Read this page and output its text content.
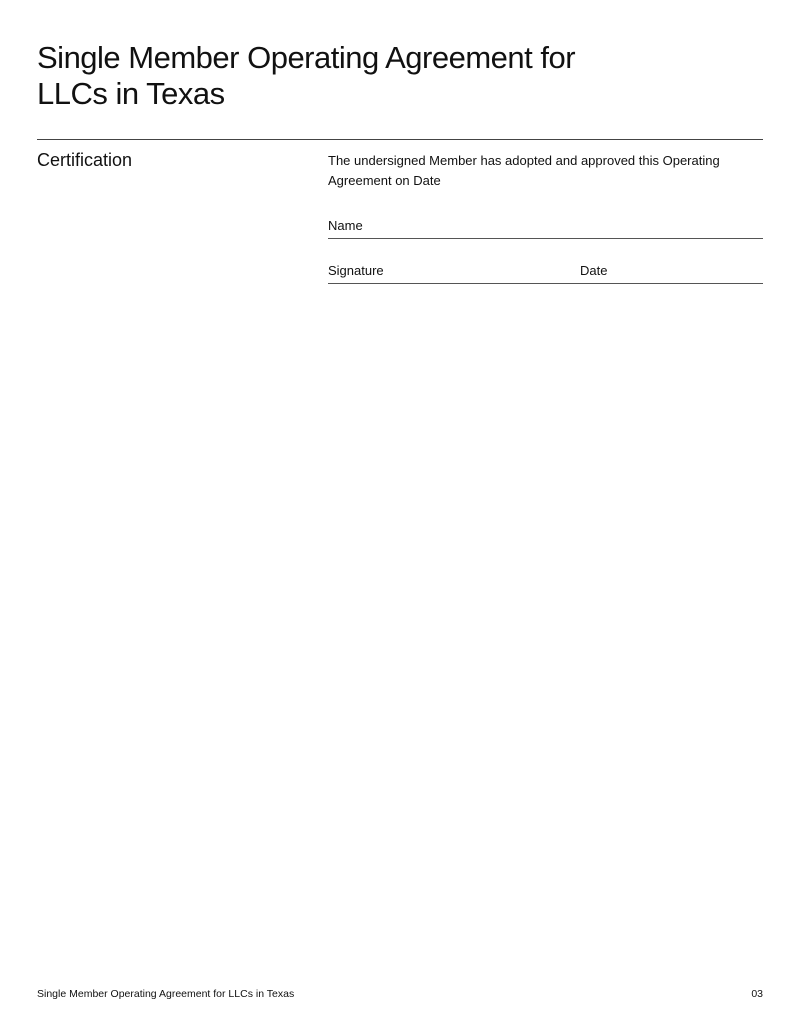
Single Member Operating Agreement for LLCs in Texas
Certification	The undersigned Member has adopted and approved this Operating Agreement on Date
Name
Signature	Date
Single Member Operating Agreement for LLCs in Texas	03
